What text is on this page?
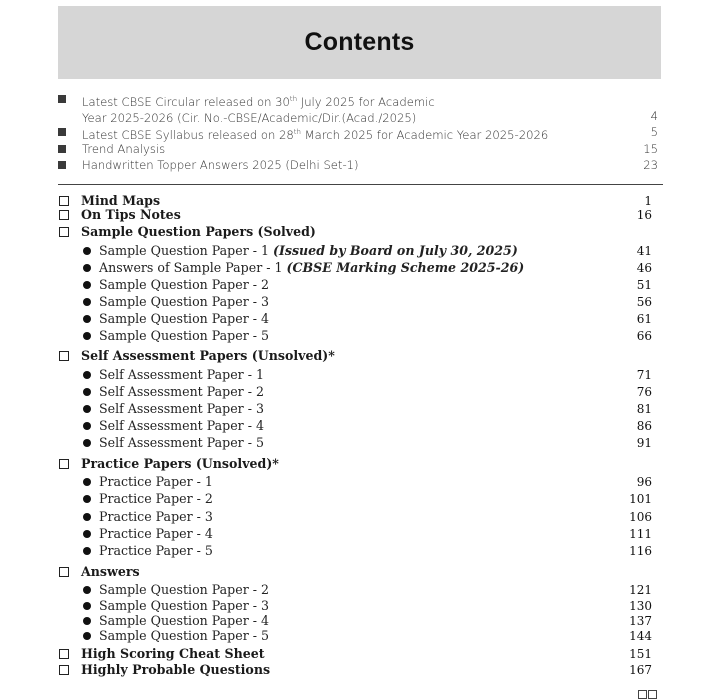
Contents
Latest CBSE Circular released on 30th July 2025 for Academic
Year 2025-2026 (Cir. No.-CBSE/Academic/Dir.(Acad./2025)	4
Latest CBSE Syllabus released on 28th March 2025 for Academic Year 2025-2026	5
Trend Analysis	15
Handwritten Topper Answers 2025 (Delhi Set-1)	23
Mind Maps	1
On Tips Notes	16
Sample Question Papers (Solved)
Sample Question Paper - 1 (Issued by Board on July 30, 2025)	41
Answers of Sample Paper - 1 (CBSE Marking Scheme 2025-26)	46
Sample Question Paper - 2	51
Sample Question Paper - 3	56
Sample Question Paper - 4	61
Sample Question Paper - 5	66
Self Assessment Papers (Unsolved)*
Self Assessment Paper - 1	71
Self Assessment Paper - 2	76
Self Assessment Paper - 3	81
Self Assessment Paper - 4	86
Self Assessment Paper - 5	91
Practice Papers (Unsolved)*
Practice Paper - 1	96
Practice Paper - 2	101
Practice Paper - 3	106
Practice Paper - 4	111
Practice Paper - 5	116
Answers
Sample Question Paper - 2	121
Sample Question Paper - 3	130
Sample Question Paper - 4	137
Sample Question Paper - 5	144
High Scoring Cheat Sheet	151
Highly Probable Questions	167
